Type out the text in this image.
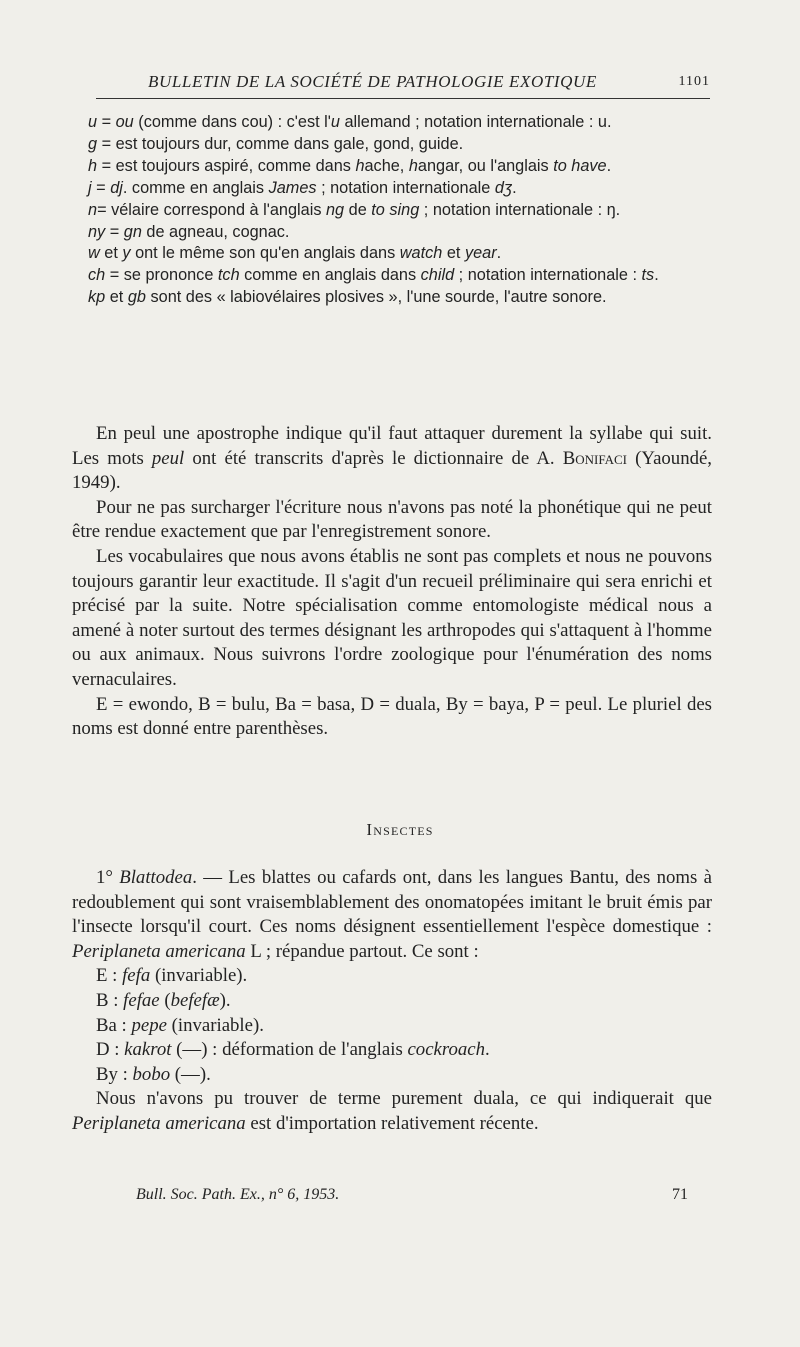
BULLETIN DE LA SOCIÉTÉ DE PATHOLOGIE EXOTIQUE	1101

u = ou (comme dans cou) : c'est l'u allemand ; notation internationale : u.

g = est toujours dur, comme dans gale, gond, guide.

h = est toujours aspiré, comme dans hache, hangar, ou l'anglais to have.

j = dj. comme en anglais James ; notation internationale dʒ.

n= vélaire correspond à l'anglais ng de to sing ; notation internationale : ŋ.

ny = gn de agneau, cognac.

w et y ont le même son qu'en anglais dans watch et year.

ch = se prononce tch comme en anglais dans child ; notation internationale : ts.

kp et gb sont des « labiovélaires plosives », l'une sourde, l'autre sonore.

En peul une apostrophe indique qu'il faut attaquer durement la syllabe qui suit. Les mots peul ont été transcrits d'après le dictionnaire de A. Bonifaci (Yaoundé, 1949).

Pour ne pas surcharger l'écriture nous n'avons pas noté la phonétique qui ne peut être rendue exactement que par l'enregistrement sonore.

Les vocabulaires que nous avons établis ne sont pas complets et nous ne pouvons toujours garantir leur exactitude. Il s'agit d'un recueil préliminaire qui sera enrichi et précisé par la suite. Notre spécialisation comme entomologiste médical nous a amené à noter surtout des termes désignant les arthropodes qui s'attaquent à l'homme ou aux animaux. Nous suivrons l'ordre zoologique pour l'énumération des noms vernaculaires.

E = ewondo, B = bulu, Ba = basa, D = duala, By = baya, P = peul. Le pluriel des noms est donné entre parenthèses.

Insectes

1° Blattodea. — Les blattes ou cafards ont, dans les langues Bantu, des noms à redoublement qui sont vraisemblablement des onomatopées imitant le bruit émis par l'insecte lorsqu'il court. Ces noms désignent essentiellement l'espèce domestique : Periplaneta americana L ; répandue partout. Ce sont :

E : fefa (invariable).

B : fefae (befefæ).

Ba : pepe (invariable).

D : kakrot (—) : déformation de l'anglais cockroach.

By : bobo (—).

Nous n'avons pu trouver de terme purement duala, ce qui indiquerait que Periplaneta americana est d'importation relativement récente.

Bull. Soc. Path. Ex., n° 6, 1953.	71
